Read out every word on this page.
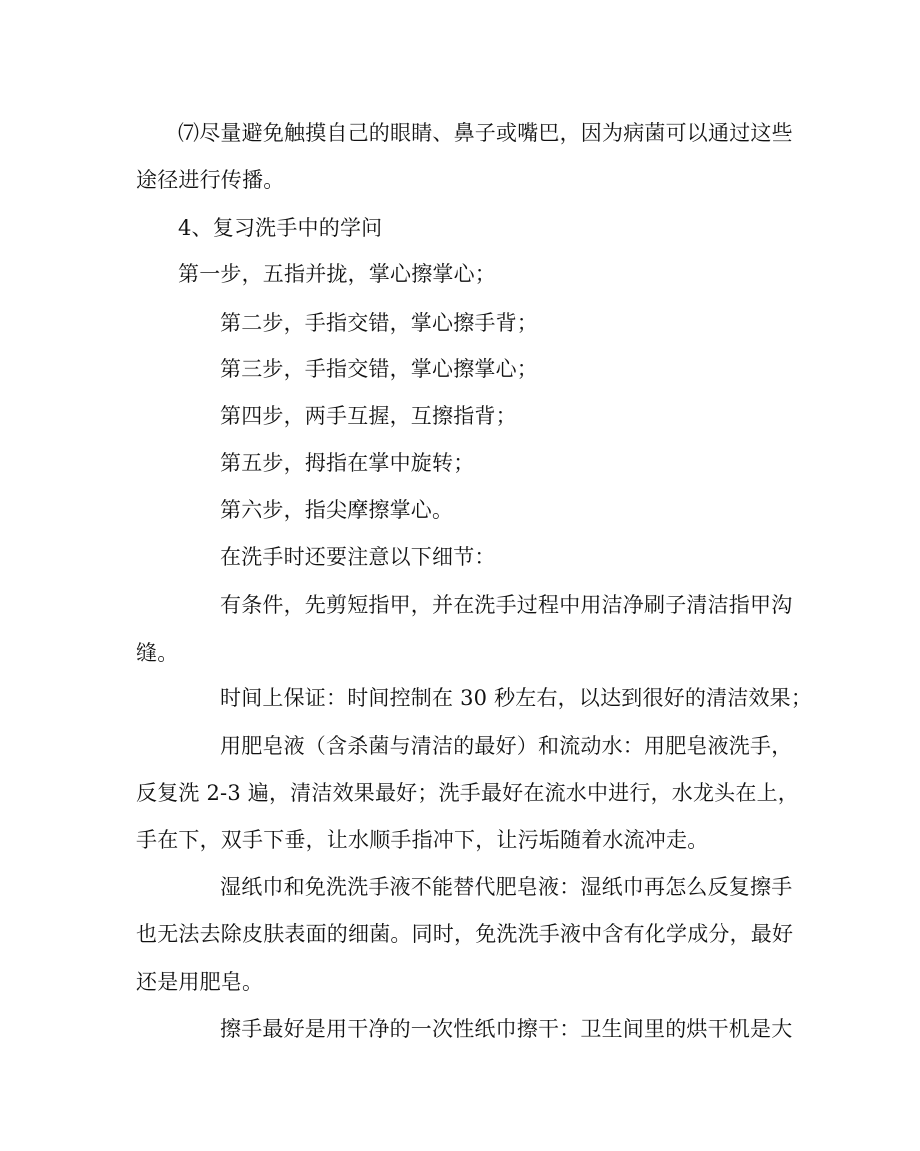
⑺尽量避免触摸自己的眼睛、鼻子或嘴巴，因为病菌可以通过这些
途径进行传播。
4、复习洗手中的学问
第一步，五指并拢，掌心擦掌心；
第二步，手指交错，掌心擦手背；
第三步，手指交错，掌心擦掌心；
第四步，两手互握，互擦指背；
第五步，拇指在掌中旋转；
第六步，指尖摩擦掌心。
在洗手时还要注意以下细节：
有条件，先剪短指甲，并在洗手过程中用洁净刷子清洁指甲沟
缝。
时间上保证：时间控制在 30 秒左右，以达到很好的清洁效果；
用肥皂液（含杀菌与清洁的最好）和流动水：用肥皂液洗手，
反复洗 2-3 遍，清洁效果最好；洗手最好在流水中进行，水龙头在上，
手在下，双手下垂，让水顺手指冲下，让污垢随着水流冲走。
湿纸巾和免洗洗手液不能替代肥皂液：湿纸巾再怎么反复擦手
也无法去除皮肤表面的细菌。同时，免洗洗手液中含有化学成分，最好
还是用肥皂。
擦手最好是用干净的一次性纸巾擦干：卫生间里的烘干机是大
